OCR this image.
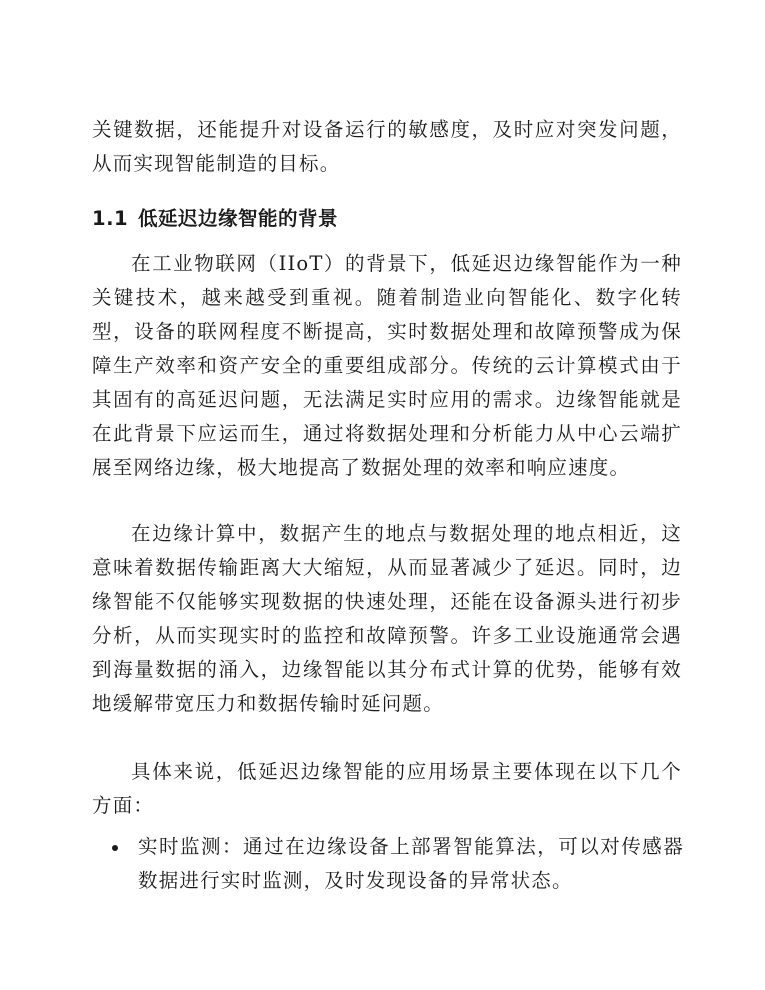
关键数据，还能提升对设备运行的敏感度，及时应对突发问题，从而实现智能制造的目标。

1.1 低延迟边缘智能的背景

在工业物联网（IIoT）的背景下，低延迟边缘智能作为一种关键技术，越来越受到重视。随着制造业向智能化、数字化转型，设备的联网程度不断提高，实时数据处理和故障预警成为保障生产效率和资产安全的重要组成部分。传统的云计算模式由于其固有的高延迟问题，无法满足实时应用的需求。边缘智能就是在此背景下应运而生，通过将数据处理和分析能力从中心云端扩展至网络边缘，极大地提高了数据处理的效率和响应速度。

在边缘计算中，数据产生的地点与数据处理的地点相近，这意味着数据传输距离大大缩短，从而显著减少了延迟。同时，边缘智能不仅能够实现数据的快速处理，还能在设备源头进行初步分析，从而实现实时的监控和故障预警。许多工业设施通常会遇到海量数据的涌入，边缘智能以其分布式计算的优势，能够有效地缓解带宽压力和数据传输时延问题。

具体来说，低延迟边缘智能的应用场景主要体现在以下几个方面：

实时监测：通过在边缘设备上部署智能算法，可以对传感器数据进行实时监测，及时发现设备的异常状态。
